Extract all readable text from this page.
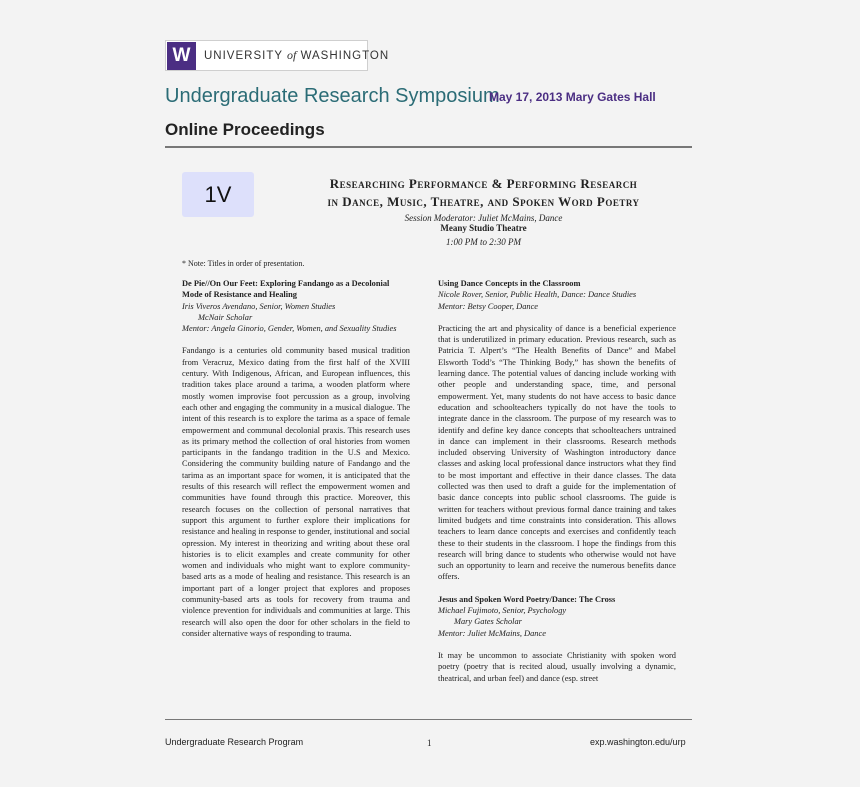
W	UNIVERSITY of WASHINGTON
Undergraduate Research Symposium
May 17, 2013 Mary Gates Hall
Online Proceedings
1V	Researching Performance & Performing Research
in Dance, Music, Theatre, and Spoken Word Poetry
Session Moderator: Juliet McMains, Dance
Meany Studio Theatre
1:00 PM to 2:30 PM
* Note: Titles in order of presentation.
De Pie//On Our Feet: Exploring Fandango as a Decolonial Mode of Resistance and Healing
Iris Viveros Avendano, Senior, Women Studies
McNair Scholar
Mentor: Angela Ginorio, Gender, Women, and Sexuality Studies

Fandango is a centuries old community based musical tradition from Veracruz, Mexico dating from the first half of the XVIII century. With Indigenous, African, and European influences, this tradition takes place around a tarima, a wooden platform where mostly women improvise foot percussion as a group, involving each other and engaging the community in a musical dialogue. The intent of this research is to explore the tarima as a space of female empowerment and communal decolonial praxis. This research uses as its primary method the collection of oral histories from women participants in the fandango tradition in the U.S and Mexico. Considering the community building nature of Fandango and the tarima as an important space for women, it is anticipated that the results of this research will reflect the empowerment women and communities have found through this practice. Moreover, this research focuses on the collection of personal narratives that support this argument to further explore their implications for resistance and healing in response to gender, institutional and social opression. My interest in theorizing and writing about these oral histories is to elicit examples and create community for other women and individuals who might want to explore community-based arts as a mode of healing and resistance. This research is an important part of a longer project that explores and proposes community-based arts as tools for recovery from trauma and violence prevention for individuals and communities at large. This research will also open the door for other scholars in the field to consider alternative ways of responding to trauma.

Using Dance Concepts in the Classroom
Nicole Rover, Senior, Public Health, Dance: Dance Studies
Mentor: Betsy Cooper, Dance

Practicing the art and physicality of dance is a beneficial experience that is underutilized in primary education. Previous research, such as Patricia T. Alpert’s “The Health Benefits of Dance” and Mabel Elsworth Todd’s “The Thinking Body,” has shown the benefits of learning dance. The potential values of dancing include working with other people and understanding space, time, and personal empowerment. Yet, many students do not have access to basic dance education and schoolteachers typically do not have the tools to integrate dance in the classroom. The purpose of my research was to identify and define key dance concepts that schoolteachers untrained in dance can implement in their classrooms. Research methods included observing University of Washington introductory dance classes and asking local professional dance instructors what they find to be most important and effective in their dance classes. The data collected was then used to draft a guide for the implementation of basic dance concepts into public school classrooms. The guide is written for teachers without previous formal dance training and takes limited budgets and time constraints into consideration. This allows teachers to learn dance concepts and exercises and confidently teach these to their students in the classroom. I hope the findings from this research will bring dance to students who otherwise would not have such an opportunity to learn and receive the numerous benefits dance offers.

Jesus and Spoken Word Poetry/Dance: The Cross
Michael Fujimoto, Senior, Psychology
Mary Gates Scholar
Mentor: Juliet McMains, Dance

It may be uncommon to associate Christianity with spoken word poetry (poetry that is recited aloud, usually involving a dynamic, theatrical, and urban feel) and dance (esp. street

Undergraduate Research Program	1	exp.washington.edu/urp
